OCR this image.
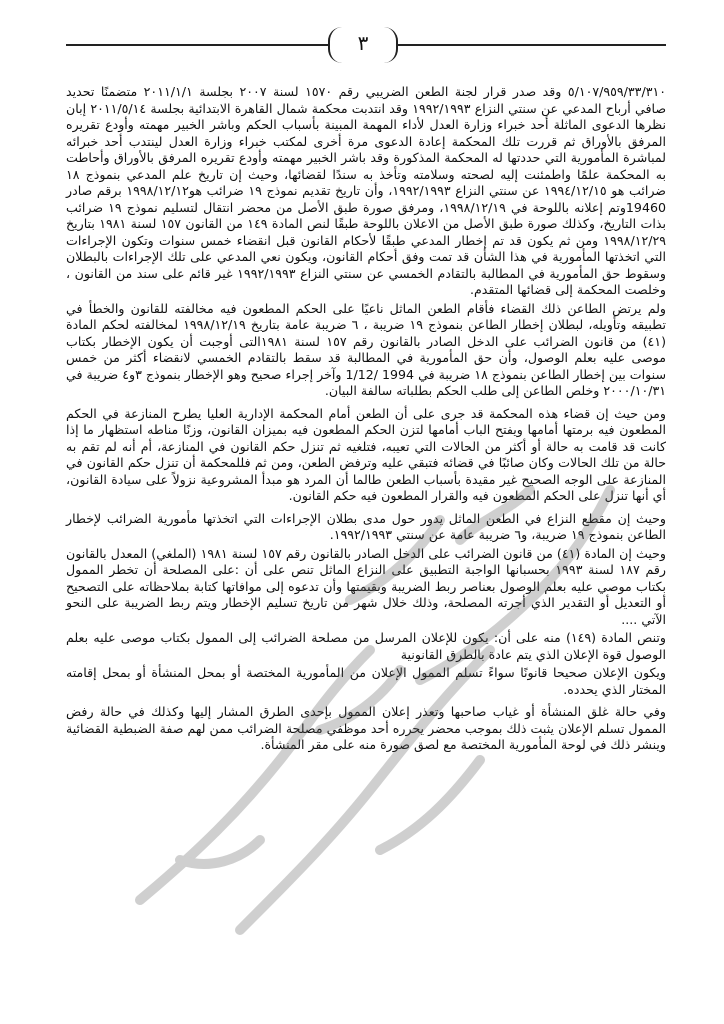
٣

٥/١٠٧/٩٥٩/٣٣/٣١٠ وقد صدر قرار لجنة الطعن الضريبي رقم ١٥٧٠ لسنة ٢٠٠٧ بجلسة ٢٠١١/١/١ متضمنًا تحديد صافي أرباح المدعي عن سنتي النزاع ١٩٩٢/١٩٩٣ وقد انتدبت محكمة شمال القاهرة الابتدائية بجلسة ٢٠١١/٥/١٤ إبان نظرها الدعوى الماثلة أحد خبراء وزارة العدل لأداء المهمة المبينة بأسباب الحكم وباشر الخبير مهمته وأودع تقريره المرفق بالأوراق ثم قررت تلك المحكمة إعادة الدعوى مرة أخرى لمكتب خبراء وزارة العدل لينتدب أحد خبرائه لمباشرة المأمورية التي حددتها له المحكمة المذكورة وقد باشر الخبير مهمته وأودع تقريره المرفق بالأوراق وأحاطت به المحكمة علمًا واطمئنت إليه لصحته وسلامته وتأخذ به سندًا لقضائها، وحيث إن تاريخ علم المدعي بنموذج ١٨ ضرائب هو ١٩٩٤/١٢/١٥ عن سنتي النزاع ١٩٩٢/١٩٩٣، وأن تاريخ تقديم نموذج ١٩ ضرائب هو١٩٩٨/١٢/١٢ برقم صادر 19460وتم إعلانه باللوحة في ١٩٩٨/١٢/١٩، ومرفق صورة طبق الأصل من محضر انتقال لتسليم نموذج ١٩ ضرائب بذات التاريخ، وكذلك صورة طبق الأصل من الاعلان باللوحة طبقًا لنص المادة ١٤٩ من القانون ١٥٧ لسنة ١٩٨١ بتاريخ ١٩٩٨/١٢/٢٩ ومن ثم يكون قد تم إخطار المدعي طبقًا لأحكام القانون قبل انقضاء خمس سنوات وتكون الإجراءات التي اتخذتها المأمورية في هذا الشأن قد تمت وفق أحكام القانون، ويكون نعي المدعي على تلك الإجراءات بالبطلان وسقوط حق المأمورية في المطالبة بالتقادم الخمسي عن سنتي النزاع ١٩٩٢/١٩٩٣ غير قائم على سند من القانون ، وخلصت المحكمة إلى قضائها المتقدم.

ولم يرتض الطاعن ذلك القضاء فأقام الطعن الماثل ناعيًا على الحكم المطعون فيه مخالفته للقانون والخطأ في تطبيقه وتأويله، لبطلان إخطار الطاعن بنموذج ١٩ ضريبة ، ٦ ضريبة عامة بتاريخ ١٩٩٨/١٢/١٩ لمخالفته لحكم المادة (٤١) من قانون الضرائب على الدخل الصادر بالقانون رقم ١٥٧ لسنة ١٩٨١التى أوجبت أن يكون الإخطار بكتاب موصى عليه بعلم الوصول، وأن حق المأمورية في المطالبة قد سقط بالتقادم الخمسي لانقضاء أكثر من خمس سنوات بين إخطار الطاعن بنموذج ١٨ ضريبة في 1994 /1/12 وآخر إجراء صحيح وهو الإخطار بنموذج ٣و٤ ضريبة في ٢٠٠٠/١٠/٣١ وخلص الطاعن إلى طلب الحكم بطلباته سالفة البيان.

ومن حيث إن قضاء هذه المحكمة قد جرى على أن الطعن أمام المحكمة الإدارية العليا يطرح المنازعة في الحكم المطعون فيه برمتها أمامها ويفتح الباب أمامها لتزن الحكم المطعون فيه بميزان القانون، وزنًا مناطه استظهار ما إذا كانت قد قامت به حالة أو أكثر من الحالات التي تعيبه، فتلغيه ثم تنزل حكم القانون في المنازعة، أم أنه لم تقم به حالة من تلك الحالات وكان صائبًا في قضائه فتبقي عليه وترفض الطعن، ومن ثم فللمحكمة أن تنزل حكم القانون في المنازعة على الوجه الصحيح غير مقيدة بأسباب الطعن طالما أن المرد هو مبدأ المشروعية نزولاً على سيادة القانون، أي أنها تنزل على الحكم المطعون فيه والقرار المطعون فيه حكم القانون.

وحيث إن مقطع النزاع في الطعن الماثل يدور حول مدى بطلان الإجراءات التي اتخذتها مأمورية الضرائب لإخطار الطاعن بنموذج ١٩ ضريبة، و٦ ضريبة عامة عن سنتي ١٩٩٢/١٩٩٣.

وحيث إن المادة (٤١) من قانون الضرائب على الدخل الصادر بالقانون رقم ١٥٧ لسنة ١٩٨١ (الملغي) المعدل بالقانون رقم ١٨٧ لسنة ١٩٩٣ بحسبانها الواجبة التطبيق على النزاع الماثل تنص على أن :على المصلحة أن تخطر الممول بكتاب موصي عليه بعلم الوصول بعناصر ربط الضريبة وبقيمتها وأن تدعوه إلى موافاتها كتابة بملاحظاته على التصحيح أو التعديل أو التقدير الذي أجرته المصلحة، وذلك خلال شهر من تاريخ تسليم الإخطار ويتم ربط الضريبة على النحو الآتي ....

وتنص المادة (١٤٩) منه على أن: يكون للإعلان المرسل من مصلحة الضرائب إلى الممول بكتاب موصى عليه بعلم الوصول قوة الإعلان الذي يتم عادة بالطرق القانونية

ويكون الإعلان صحيحا قانونًا سواءً تسلم الممول الإعلان من المأمورية المختصة أو بمحل المنشأة أو بمحل إقامته المختار الذي يحدده.

وفي حالة غلق المنشأة أو غياب صاحبها وتعذر إعلان الممول بإحدى الطرق المشار إليها وكذلك في حالة رفض الممول تسلم الإعلان يثبت ذلك بموجب محضر يحرره أحد موظفي مصلحة الضرائب ممن لهم صفة الضبطية القضائية وينشر ذلك في لوحة المأمورية المختصة مع لصق صورة منه على مقر المنشأة.
